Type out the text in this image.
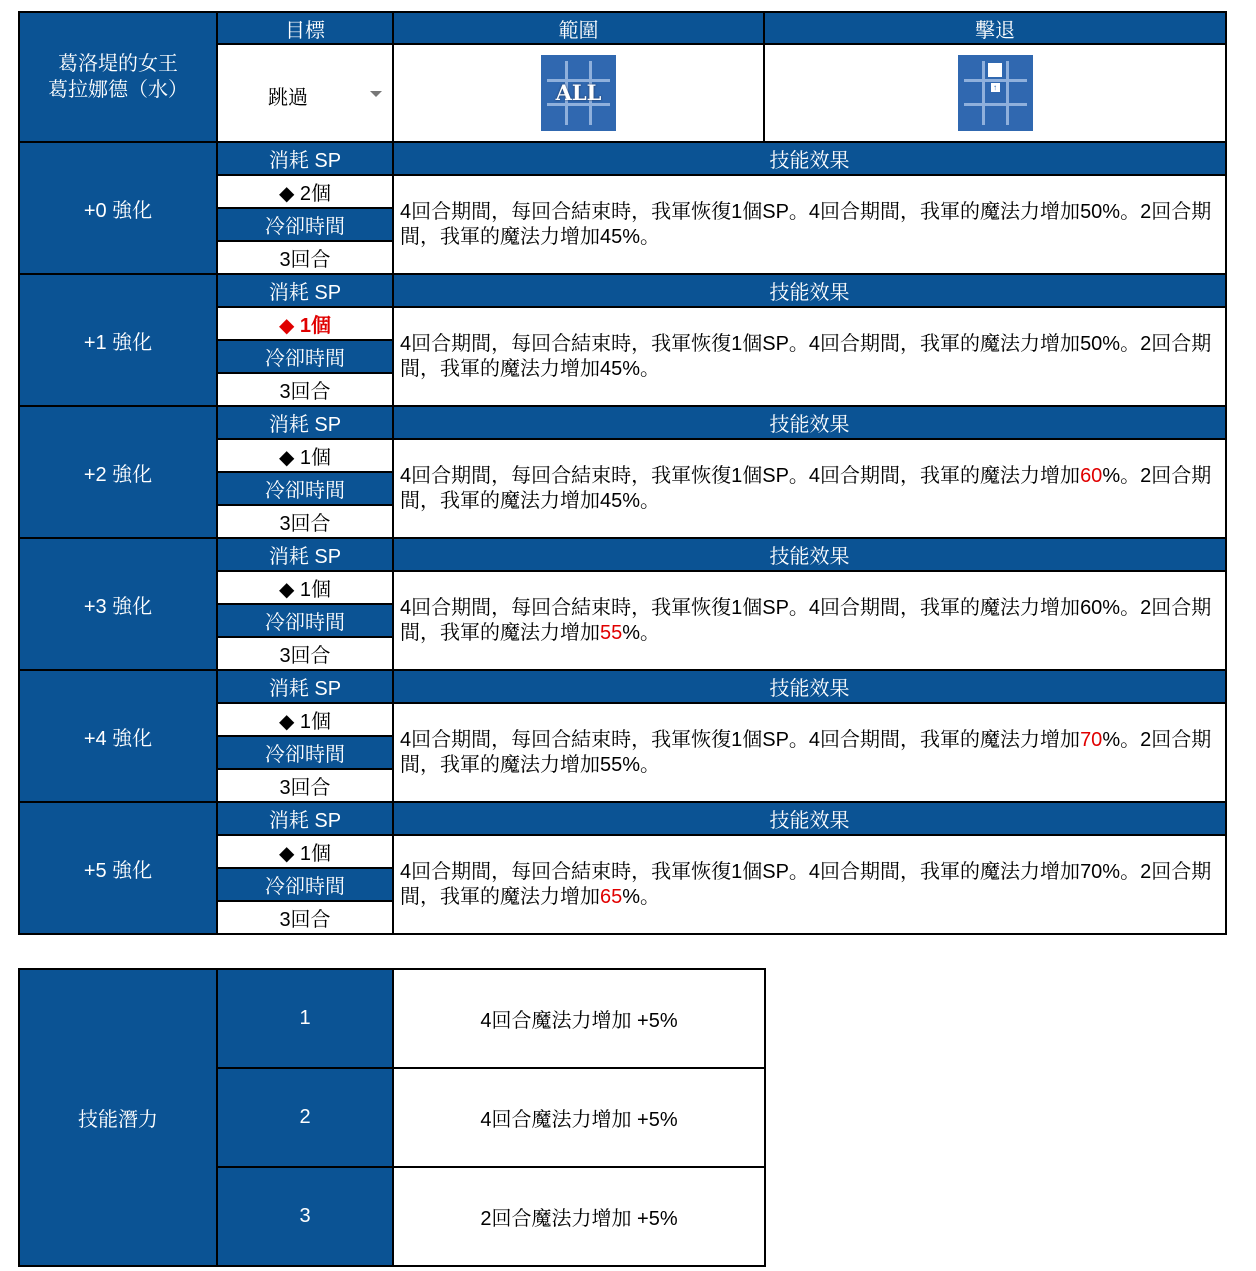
葛洛堤的女王
葛拉娜德（水）	目標	範圍	擊退

	跳過	ALL	↑

+0 強化	消耗 SP	技能效果	
	◆ 2個	4回合期間，每回合結束時，我軍恢復1個SP。4回合期間，我軍的魔法力增加50%。2回合期間，我軍的魔法力增加45%。	
	冷卻時間		
	3回合		
+1 強化	消耗 SP	技能效果	
	◆ 1個	4回合期間，每回合結束時，我軍恢復1個SP。4回合期間，我軍的魔法力增加50%。2回合期間，我軍的魔法力增加45%。	
	冷卻時間		
	3回合		
+2 強化	消耗 SP	技能效果	
	◆ 1個	4回合期間，每回合結束時，我軍恢復1個SP。4回合期間，我軍的魔法力增加60%。2回合期間，我軍的魔法力增加45%。	
	冷卻時間		
	3回合		
+3 強化	消耗 SP	技能效果	
	◆ 1個	4回合期間，每回合結束時，我軍恢復1個SP。4回合期間，我軍的魔法力增加60%。2回合期間，我軍的魔法力增加55%。	
	冷卻時間		
	3回合		
+4 強化	消耗 SP	技能效果	
	◆ 1個	4回合期間，每回合結束時，我軍恢復1個SP。4回合期間，我軍的魔法力增加70%。2回合期間，我軍的魔法力增加55%。	
	冷卻時間		
	3回合		
+5 強化	消耗 SP	技能效果	
	◆ 1個	4回合期間，每回合結束時，我軍恢復1個SP。4回合期間，我軍的魔法力增加70%。2回合期間，我軍的魔法力增加65%。	
	冷卻時間		
	3回合		
技能潛力	1	4回合魔法力增加 +5%
	2	4回合魔法力增加 +5%
	3	2回合魔法力增加 +5%
